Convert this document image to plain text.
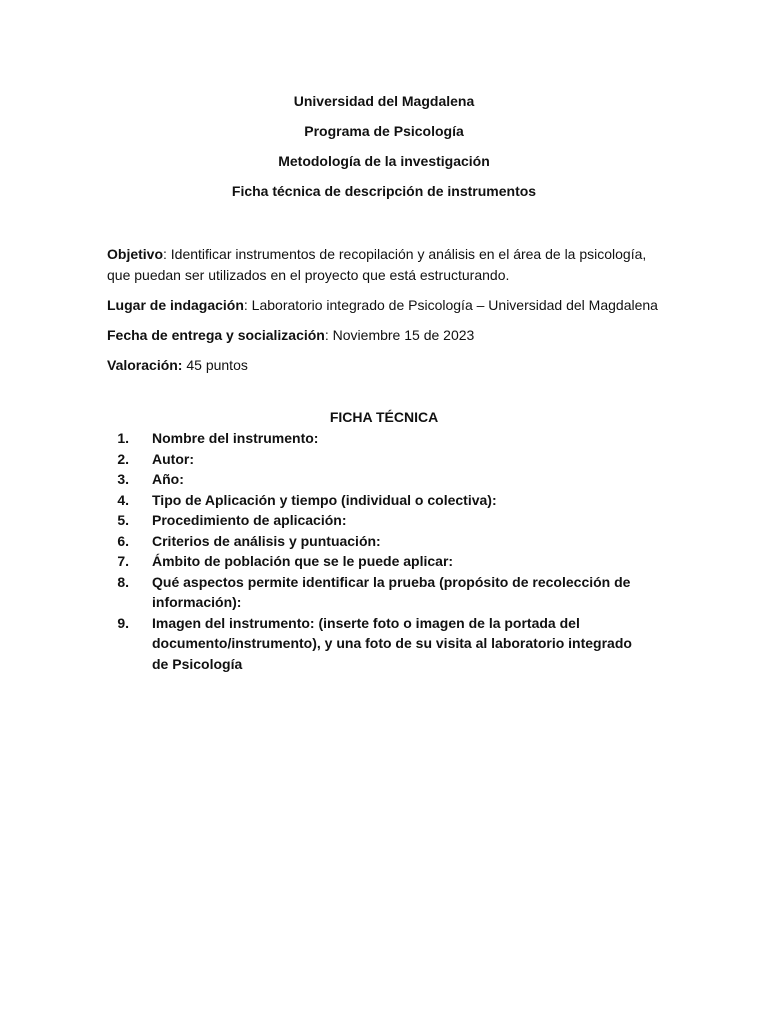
Universidad del Magdalena
Programa de Psicología
Metodología de la investigación
Ficha técnica de descripción de instrumentos
Objetivo: Identificar instrumentos de recopilación y análisis en el área de la psicología, que puedan ser utilizados en el proyecto que está estructurando.
Lugar de indagación: Laboratorio integrado de Psicología – Universidad del Magdalena
Fecha de entrega y socialización: Noviembre 15 de 2023
Valoración: 45 puntos
FICHA TÉCNICA
1.	Nombre del instrumento:
2.	Autor:
3.	Año:
4.	Tipo de Aplicación y tiempo (individual o colectiva):
5.	Procedimiento de aplicación:
6.	Criterios de análisis y puntuación:
7.	Ámbito de población que se le puede aplicar:
8.	Qué aspectos permite identificar la prueba (propósito de recolección de información):
9.	Imagen del instrumento: (inserte foto o imagen de la portada del documento/instrumento), y una foto de su visita al laboratorio integrado de Psicología
